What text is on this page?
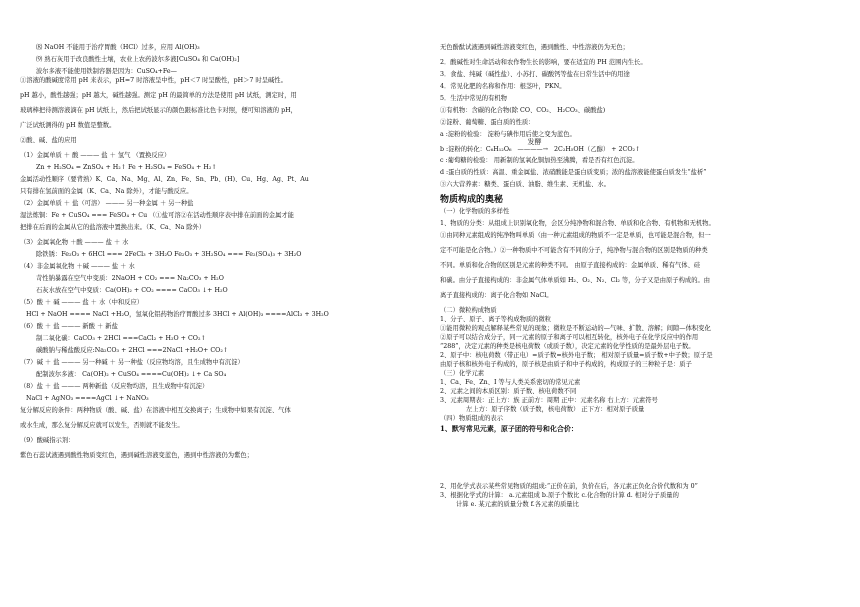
⑻ NaOH 不能用于治疗胃酸（HCl）过多，应用 Al(OH)₃
⑼ 熟石灰用于改良酸性土壤，农业上农药波尔多液[CuSO₄ 和 Ca(OH)₂]
波尔多液不能使用铁制容器是因为：CuSO₄+Fe—
①溶液的酸碱度常用 pH 来表示，pH=7 时溶液呈中性，pH＜7 时呈酸性，pH＞7 时呈碱性。
pH 越小，酸性越强；pH 越大，碱性越强。测定 pH 的最简单的方法是使用 pH 试纸，测定时，用
玻璃棒把待测溶液滴在 pH 试纸上，然后把试纸显示的颜色跟标准比色卡对照，便可知溶液的 pH，
广泛试纸测得的 pH 数值是整数。
②酸、碱、盐的应用
（1）金属单质 ＋ 酸 ——— 盐 ＋ 氢气 （置换反应）
Zn + H₂SO₄ = ZnSO₄ + H₂↑ Fe + H₂SO₄ = FeSO₄ + H₂↑
金属活动性顺序（要背熟）K、Ca、Na、Mg、Al、Zn、Fe、Sn、Pb、(H)、Cu、Hg、Ag、Pt、Au
只有排在氢前面的金属（K、Ca、Na 除外），才能与酸反应。
（2）金属单质 ＋ 盐（可溶） ——— 另一种金属 ＋ 另一种盐
湿法炼铜：Fe + CuSO₄ === FeSO₄ + Cu （①盐可溶②在活动性顺序表中排在前面的金属才能
把排在后面的金属从它的盐溶液中置换出来。（K、Ca、Na 除外）
（3）金属氧化物 ＋酸 ——— 盐 ＋ 水
除铁锈：Fe₂O₃ + 6HCl === 2FeCl₃ + 3H₂O Fe₂O₃ + 3H₂SO₄ === Fe₂(SO₄)₃ + 3H₂O
（4）非金属氧化物 ＋碱 ——— 盐 ＋ 水
苛性钠暴露在空气中变质：2NaOH + CO₂ === Na₂CO₃ + H₂O
石灰水放在空气中变质：Ca(OH)₂ + CO₂ ==== CaCO₃ ↓+ H₂O
（5）酸 ＋ 碱 ——— 盐 ＋ 水（中和反应）
HCl + NaOH ==== NaCl +H₂O，氢氧化铝药物治疗胃酸过多 3HCl + Al(OH)₃ ====AlCl₃ + 3H₂O
（6）酸 ＋ 盐 ——— 新酸 ＋ 新盐
制二氧化碳：CaCO₃ + 2HCl ===CaCl₂ + H₂O + CO₂↑
碳酸钠与稀盐酸反应:Na₂CO₃ + 2HCl ===2NaCl +H₂O+ CO₂↑
（7）碱 ＋ 盐 ——— 另一种碱 ＋ 另一种盐（反应物均溶，且生成物中有沉淀）
配制波尔多液： Ca(OH)₂ + CuSO₄ ====Cu(OH)₂ ↓+ Ca SO₄
（8）盐 ＋ 盐 ——— 两种新盐（反应物均溶，且生成物中有沉淀）
NaCl + AgNO₃ ====AgCl ↓+ NaNO₃
复分解反应的条件：两种物质（酸、碱、盐）在溶液中相互交换离子；生成物中如果有沉淀、气体
或水生成，那么复分解反应就可以发生，否则就不能发生。
（9）酸碱指示剂：
紫色石蕊试液遇到酸性物质变红色，遇到碱性溶液变蓝色，遇到中性溶液仍为紫色；
无色酚酞试液遇到碱性溶液变红色，遇到酸性、中性溶液仍为无色；
2．酸碱性对生命活动和农作物生长的影响，要在适宜的 PH 范围内生长。
3．食盐、纯碱（碱性盐）、小苏打、碳酸钙等盐在日常生活中的用途
4．常见化肥的名称和作用：根茎叶，PKN。
5．生活中常见的有机物
①有机物：含碳的化合物(除 CO、CO₂、 H₂CO₃、碳酸盐)
②淀粉、葡萄糖、蛋白质的性质：
a :淀粉的检验： 淀粉与碘作用后使之变为蓝色。
b :淀粉的转化：C₆H₁₂O₆
发酵
————→ 2C₂H₅OH（乙醇） + 2CO₂↑
c :葡萄糖的检验： 用新制的氢氧化铜加热至沸腾，看是否有红色沉淀。
d :蛋白质的性质：高温、重金属盐、浓硝酸能是蛋白质变质；浓的盐溶液能使蛋白质发生“盐析”
③六大营养素：糖类、蛋白质、油脂、维生素、无机盐、水。
物质构成的奥秘
（一）化学物质的多样性
1、物质的分类：从组成上识别氧化物，会区分纯净物和混合物、单质和化合物、有机物和无机物。
①由同种元素组成的纯净物叫单质（由一种元素组成的物质不一定是单质，也可能是混合物，但一
定不可能是化合物。）②一种物质中不可能含有不同的分子，纯净物与混合物的区别是物质的种类
不同。单质和化合物的区别是元素的种类不同。 由原子直接构成的：金属单质、稀有气体、硅
和碳。由分子直接构成的：非金属气体单质如 H₂、O₂、N₂、Cl₂ 等，分子又是由原子构成的。由
离子直接构成的：离子化合物如 NaCl。
（二）微粒构成物质
1、分子、原子、离子等构成物质的微粒
①能用微粒的观点解释某些常见的现象；微粒是不断运动的—气味、扩散、溶解；间隙—体积变化
②原子可以结合成分子，同一元素的原子和离子可以相互转化，核外电子在化学反应中的作用
“288”，决定元素的种类是核电荷数（或质子数），决定元素的化学性质的是最外层电子数。
2、原子中：核电荷数（带正电）=质子数=核外电子数； 相对原子质量=质子数+中子数；原子是
由原子核和核外电子构成的，原子核是由质子和中子构成的，构成原子的三种粒子是：质子
（三）化学元素
1、Ca、Fe、Zn、I 等与人类关系密切的常见元素
2、元素之间的本质区别：质子数、核电荷数不同
3、元素周期表：正上方：族 正前方：周期 正中：元素名称 右上方：元素符号
左上方：原子序数（质子数，核电荷数） 正下方：相对原子质量
（四）物质组成的表示
1、默写常见元素，原子团的符号和化合价：
2、用化学式表示某些常见物质的组成:“正价在前，负价在后，各元素正负化合价代数和为 0”
3、根据化学式的计算： a.元素组成 b.原子个数比 c.化合物的计算 d. 相对分子质量的
计算 e. 某元素的质量分数 f.各元素的质量比
